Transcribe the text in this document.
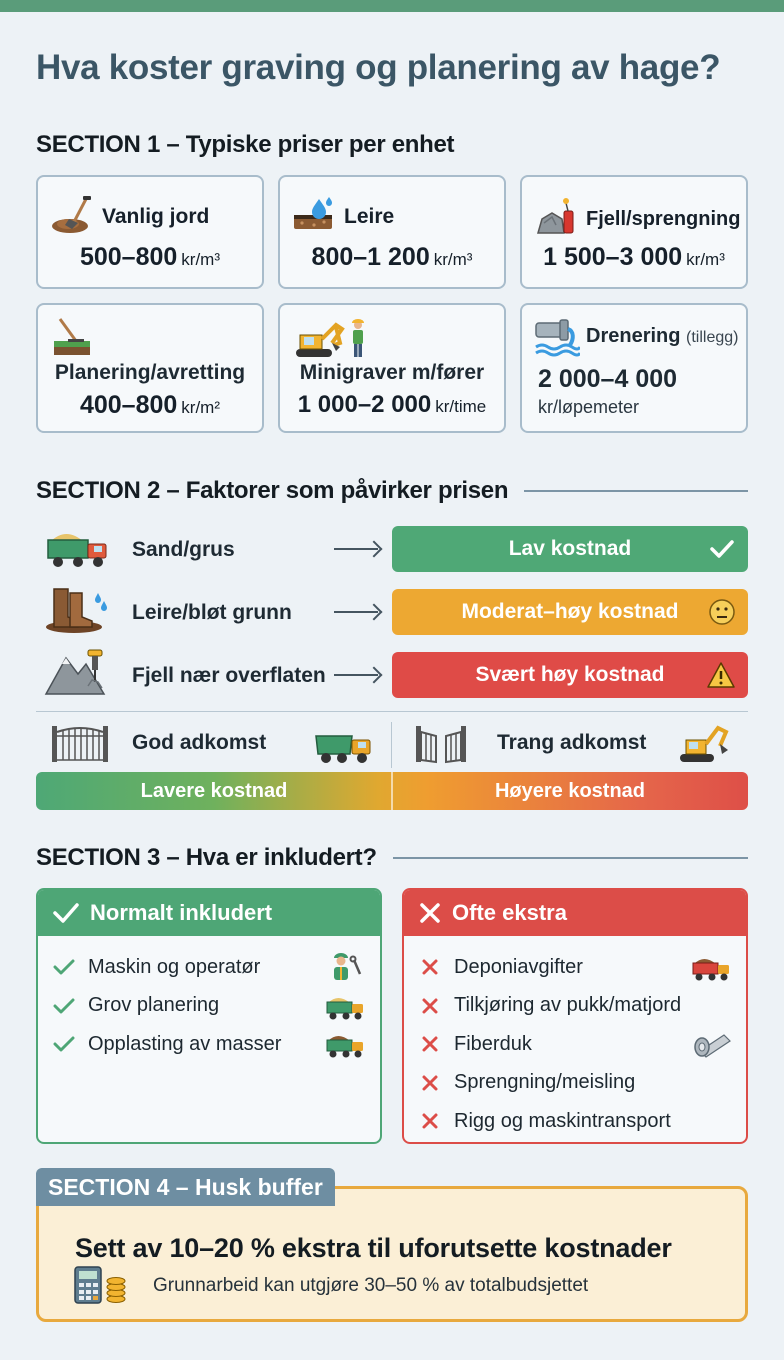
Hva koster graving og planering av hage?
SECTION 1 – Typiske priser per enhet
Vanlig jord
500–800 kr/m³
Leire
800–1 200 kr/m³
Fjell/sprengning
1 500–3 000 kr/m³
Planering/avretting
400–800 kr/m²
Minigraver m/fører
1 000–2 000 kr/time
Drenering (tillegg)
2 000–4 000
kr/løpemeter
SECTION 2 – Faktorer som påvirker prisen
Sand/grus	Lav kostnad
Leire/bløt grunn	Moderat–høy kostnad
Fjell nær overflaten	Svært høy kostnad
God adkomst	Trang adkomst
Lavere kostnad	Høyere kostnad
SECTION 3 – Hva er inkludert?
Normalt inkludert
Maskin og operatør
Grov planering
Opplasting av masser
Ofte ekstra
Deponiavgifter
Tilkjøring av pukk/matjord
Fiberduk
Sprengning/meisling
Rigg og maskintransport
Sett av 10–20 % ekstra til uforutsette kostnader
Grunnarbeid kan utgjøre 30–50 % av totalbudsjettet
SECTION 4 – Husk buffer
